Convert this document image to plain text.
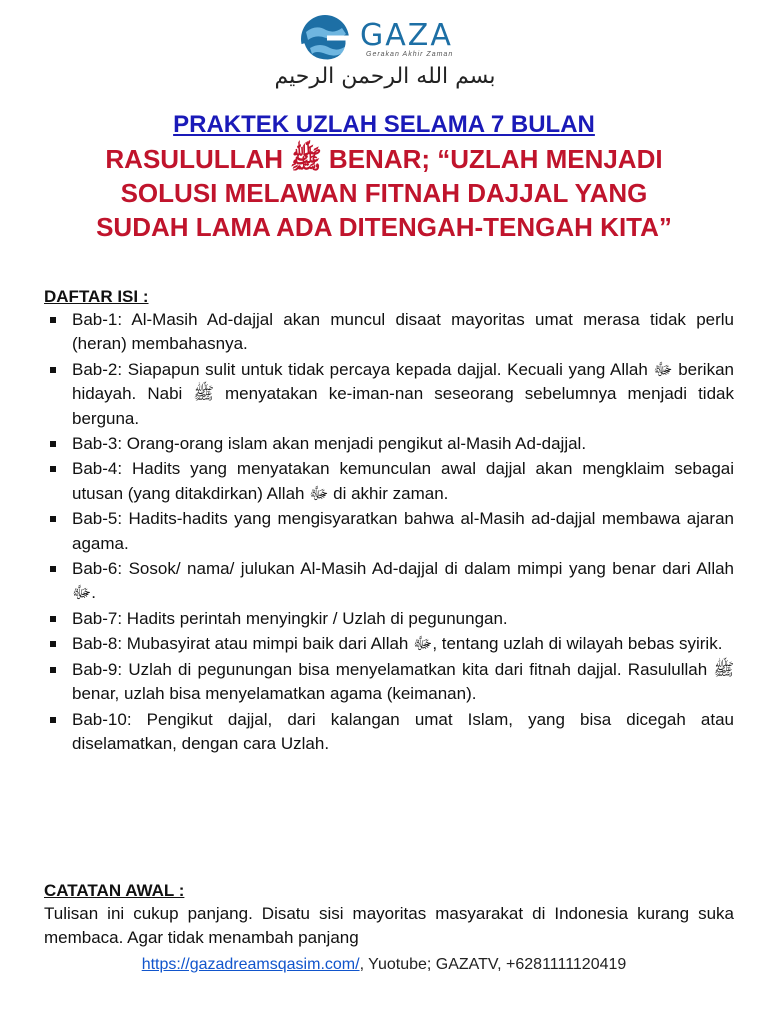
GAZA
Gerakan Akhir Zaman
بسم الله الرحمن الرحيم

PRAKTEK UZLAH SELAMA 7 BULAN

RASULULLAH ﷺ BENAR; “UZLAH MENJADI

SOLUSI MELAWAN FITNAH DAJJAL YANG

SUDAH LAMA ADA DITENGAH-TENGAH KITA”

DAFTAR ISI :

Bab-1: Al-Masih Ad-dajjal akan muncul disaat mayoritas umat merasa tidak perlu (heran) membahasnya.
Bab-2: Siapapun sulit untuk tidak percaya kepada dajjal. Kecuali yang Allah ﷻ berikan hidayah. Nabi ﷺ menyatakan ke-iman-nan seseorang sebelumnya menjadi tidak berguna.
Bab-3: Orang-orang islam akan menjadi pengikut al-Masih Ad-dajjal.
Bab-4: Hadits yang menyatakan kemunculan awal dajjal akan mengklaim sebagai utusan (yang ditakdirkan) Allah ﷻ di akhir zaman.
Bab-5: Hadits-hadits yang mengisyaratkan bahwa al-Masih ad-dajjal membawa ajaran agama.
Bab-6: Sosok/ nama/ julukan Al-Masih Ad-dajjal di dalam mimpi yang benar dari Allah ﷻ.
Bab-7: Hadits perintah menyingkir / Uzlah di pegunungan.
Bab-8: Mubasyirat atau mimpi baik dari Allah ﷻ, tentang uzlah di wilayah bebas syirik.
Bab-9: Uzlah di pegunungan bisa menyelamatkan kita dari fitnah dajjal. Rasulullah ﷺ benar, uzlah bisa menyelamatkan agama (keimanan).
Bab-10: Pengikut dajjal, dari kalangan umat Islam, yang bisa dicegah atau diselamatkan, dengan cara Uzlah.

CATATAN AWAL :

Tulisan ini cukup panjang. Disatu sisi mayoritas masyarakat di Indonesia kurang suka membaca. Agar tidak menambah panjang

https://gazadreamsqasim.com/, Yuotube; GAZATV, +6281111120419
